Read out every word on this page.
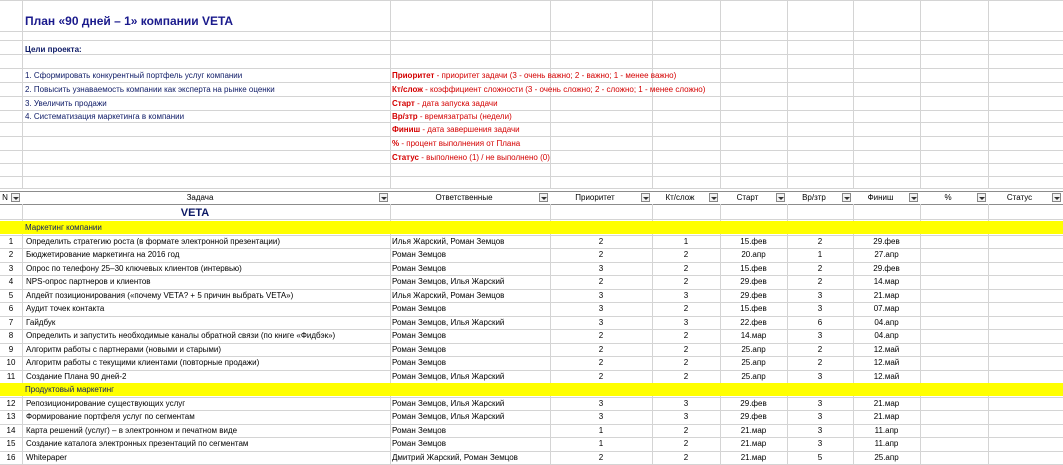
План «90 дней – 1» компании VETA
Цели проекта:
1. Сформировать конкурентный портфель услуг компании
2. Повысить узнаваемость компании как эксперта на рынке оценки
3. Увеличить продажи
4. Систематизация маркетинга в компании
Приоритет - приоритет задачи (3 - очень важно; 2 - важно; 1 - менее важно)
Кт/слож - коэффициент сложности (3 - очень сложно; 2 - сложно; 1 - менее сложно)
Старт - дата запуска задачи
Вр/зтр - времязатраты (недели)
Финиш - дата завершения задачи
% - процент выполнения от Плана
Статус - выполнено (1) / не выполнено (0)
N	Задача	Ответственные	Приоритет	Кт/слож	Старт	Вр/зтр	Финиш	%	Статус
VETA
Маркетинг компании
1	Определить стратегию роста (в формате электронной презентации)	Илья Жарский, Роман Земцов	2	1	15.фев	2	29.фев
2	Бюджетирование маркетинга на 2016 год	Роман Земцов	2	2	20.апр	1	27.апр
3	Опрос по телефону 25–30 ключевых клиентов (интервью)	Роман Земцов	3	2	15.фев	2	29.фев
4	NPS-опрос партнеров и клиентов	Роман Земцов, Илья Жарский	2	2	29.фев	2	14.мар
5	Апдейт позиционирования («почему VETA? + 5 причин выбрать VETA»)	Илья Жарский, Роман Земцов	3	3	29.фев	3	21.мар
6	Аудит точек контакта	Роман Земцов	3	2	15.фев	3	07.мар
7	Гайдбук	Роман Земцов, Илья Жарский	3	3	22.фев	6	04.апр
8	Определить и запустить необходимые каналы обратной связи (по книге «Фидбэк»)	Роман Земцов	2	2	14.мар	3	04.апр
9	Алгоритм работы с партнерами (новыми и старыми)	Роман Земцов	2	2	25.апр	2	12.май
10	Алгоритм работы с текущими клиентами (повторные продажи)	Роман Земцов	2	2	25.апр	2	12.май
11	Создание Плана 90 дней-2	Роман Земцов, Илья Жарский	2	2	25.апр	3	12.май
Продуктовый маркетинг
12	Репозиционирование существующих услуг	Роман Земцов, Илья Жарский	3	3	29.фев	3	21.мар
13	Формирование портфеля услуг по сегментам	Роман Земцов, Илья Жарский	3	3	29.фев	3	21.мар
14	Карта решений (услуг) – в электронном и печатном виде	Роман Земцов	1	2	21.мар	3	11.апр
15	Создание каталога электронных презентаций по сегментам	Роман Земцов	1	2	21.мар	3	11.апр
16	Whitepaper	Дмитрий Жарский, Роман Земцов	2	2	21.мар	5	25.апр
